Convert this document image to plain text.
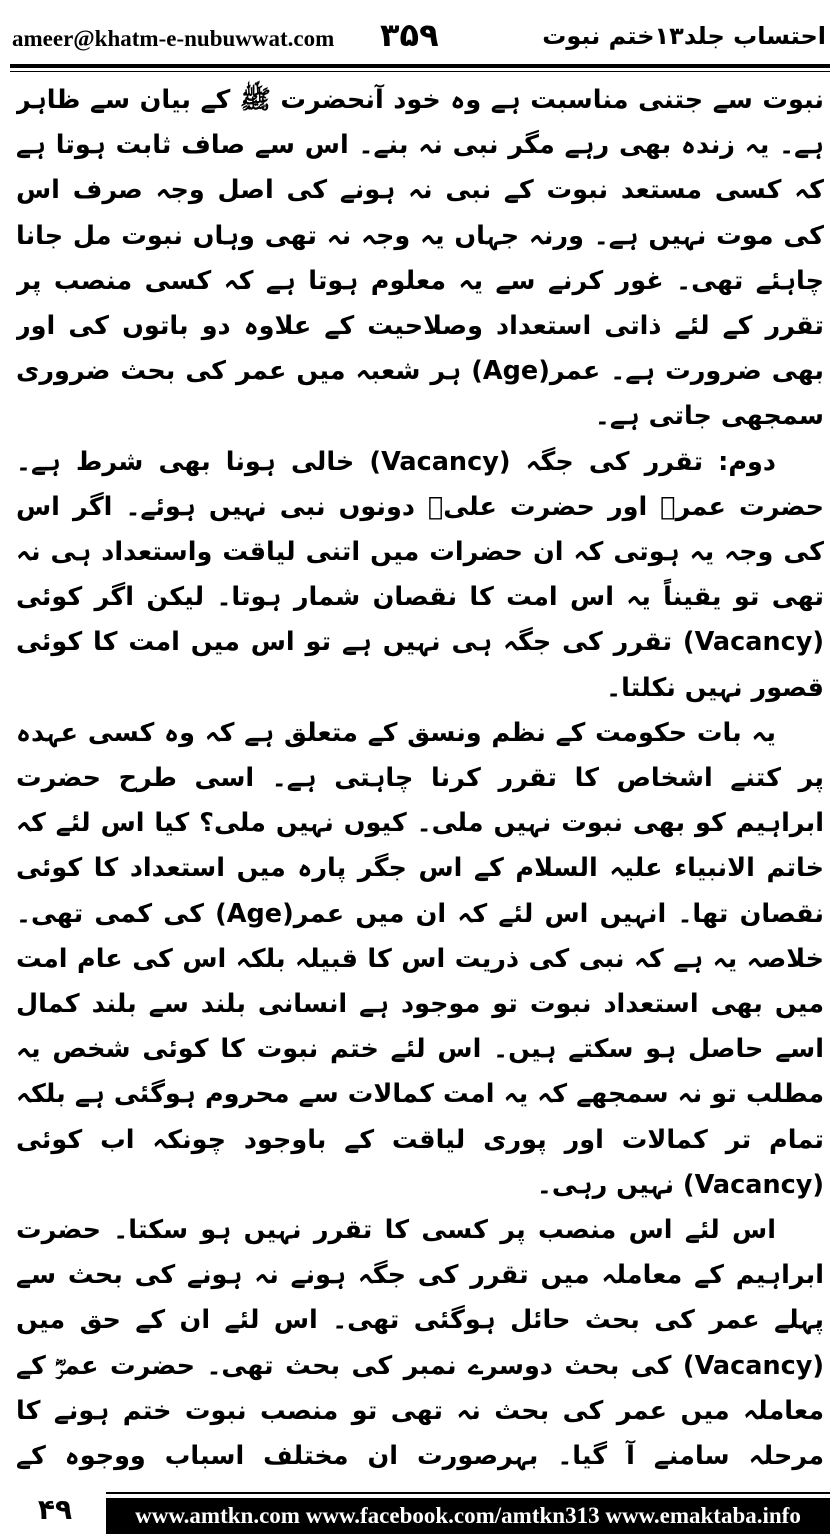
ameer@khatm-e-nubuwwat.com ۳۵۹	احتساب جلد۱۳ختم نبوت

نبوت سے جتنی مناسبت ہے وہ خود آنحضرت ﷺ کے بیان سے ظاہر ہے۔ یہ زندہ بھی رہے مگر نبی نہ بنے۔ اس سے صاف ثابت ہوتا ہے کہ کسی مستعد نبوت کے نبی نہ ہونے کی اصل وجہ صرف اس کی موت نہیں ہے۔ ورنہ جہاں یہ وجہ نہ تھی وہاں نبوت مل جانا چاہئے تھی۔ غور کرنے سے یہ معلوم ہوتا ہے کہ کسی منصب پر تقرر کے لئے ذاتی استعداد وصلاحیت کے علاوہ دو باتوں کی اور بھی ضرورت ہے۔ عمر(Age) ہر شعبہ میں عمر کی بحث ضروری سمجھی جاتی ہے۔

دوم: تقرر کی جگہ (Vacancy) خالی ہونا بھی شرط ہے۔ حضرت عمرؓ اور حضرت علیؓ دونوں نبی نہیں ہوئے۔ اگر اس کی وجہ یہ ہوتی کہ ان حضرات میں اتنی لیاقت واستعداد ہی نہ تھی تو یقیناً یہ اس امت کا نقصان شمار ہوتا۔ لیکن اگر کوئی (Vacancy) تقرر کی جگہ ہی نہیں ہے تو اس میں امت کا کوئی قصور نہیں نکلتا۔

یہ بات حکومت کے نظم ونسق کے متعلق ہے کہ وہ کسی عہدہ پر کتنے اشخاص کا تقرر کرنا چاہتی ہے۔ اسی طرح حضرت ابراہیم کو بھی نبوت نہیں ملی۔ کیوں نہیں ملی؟ کیا اس لئے کہ خاتم الانبیاء علیہ السلام کے اس جگر پارہ میں استعداد کا کوئی نقصان تھا۔ انہیں اس لئے کہ ان میں عمر(Age) کی کمی تھی۔ خلاصہ یہ ہے کہ نبی کی ذریت اس کا قبیلہ بلکہ اس کی عام امت میں بھی استعداد نبوت تو موجود ہے انسانی بلند سے بلند کمال اسے حاصل ہو سکتے ہیں۔ اس لئے ختم نبوت کا کوئی شخص یہ مطلب تو نہ سمجھے کہ یہ امت کمالات سے محروم ہوگئی ہے بلکہ تمام تر کمالات اور پوری لیاقت کے باوجود چونکہ اب کوئی (Vacancy) نہیں رہی۔

اس لئے اس منصب پر کسی کا تقرر نہیں ہو سکتا۔ حضرت ابراہیم کے معاملہ میں تقرر کی جگہ ہونے نہ ہونے کی بحث سے پہلے عمر کی بحث حائل ہوگئی تھی۔ اس لئے ان کے حق میں (Vacancy) کی بحث دوسرے نمبر کی بحث تھی۔ حضرت عمرؓ کے معاملہ میں عمر کی بحث نہ تھی تو منصب نبوت ختم ہونے کا مرحلہ سامنے آ گیا۔ بہرصورت ان مختلف اسباب ووجوہ کے

۴۹	www.amtkn.com www.facebook.com/amtkn313 www.emaktaba.info
